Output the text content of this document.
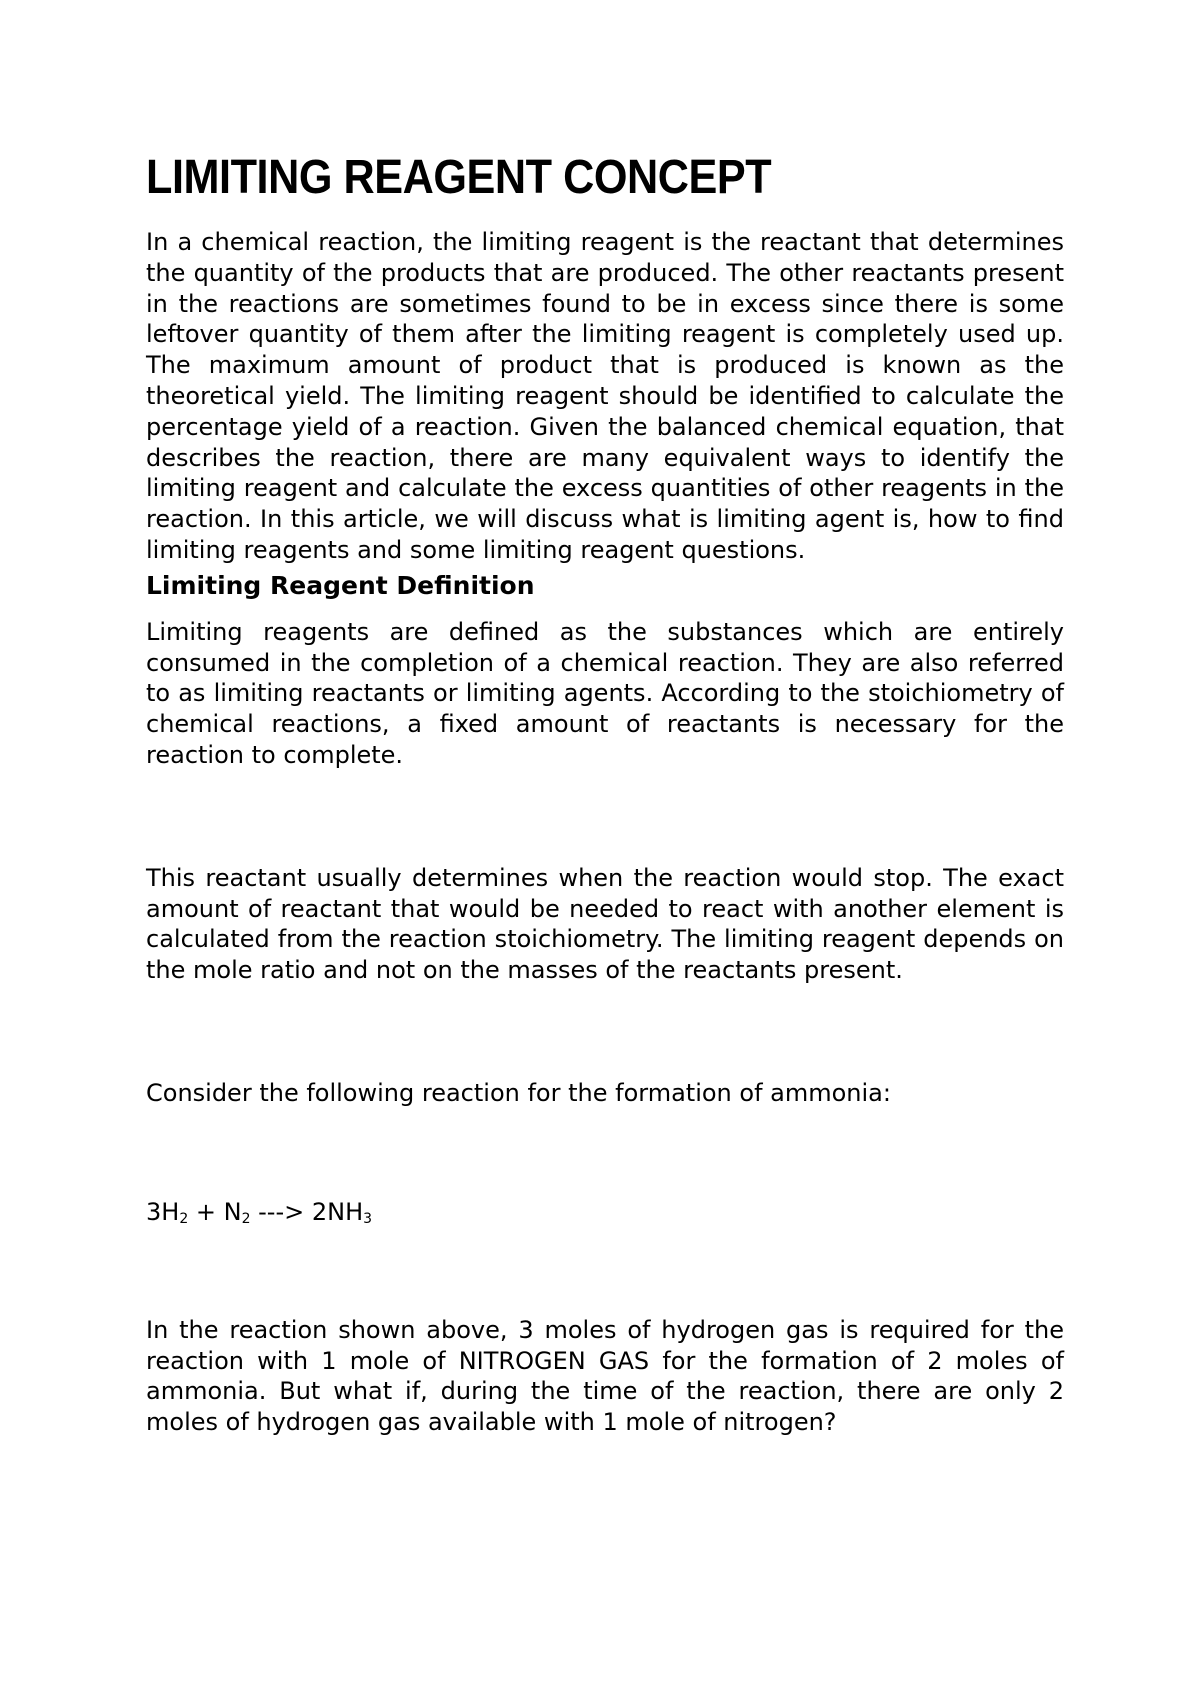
LIMITING REAGENT CONCEPT

In a chemical reaction, the limiting reagent is the reactant that determines the quantity of the products that are produced. The other reactants present in the reactions are sometimes found to be in excess since there is some leftover quantity of them after the limiting reagent is completely used up. The maximum amount of product that is produced is known as the theoretical yield. The limiting reagent should be identified to calculate the percentage yield of a reaction. Given the balanced chemical equation, that describes the reaction, there are many equivalent ways to identify the limiting reagent and calculate the excess quantities of other reagents in the reaction. In this article, we will discuss what is limiting agent is, how to find limiting reagents and some limiting reagent questions.

Limiting Reagent Definition

Limiting reagents are defined as the substances which are entirely consumed in the completion of a chemical reaction. They are also referred to as limiting reactants or limiting agents. According to the stoichiometry of chemical reactions, a fixed amount of reactants is necessary for the reaction to complete.

This reactant usually determines when the reaction would stop. The exact amount of reactant that would be needed to react with another element is calculated from the reaction stoichiometry. The limiting reagent depends on the mole ratio and not on the masses of the reactants present.

Consider the following reaction for the formation of ammonia:

$3H_2 + N_2$ ---> $2NH_3$

In the reaction shown above, 3 moles of hydrogen gas is required for the reaction with 1 mole of NITROGEN GAS for the formation of 2 moles of ammonia. But what if, during the time of the reaction, there are only 2 moles of hydrogen gas available with 1 mole of nitrogen?
